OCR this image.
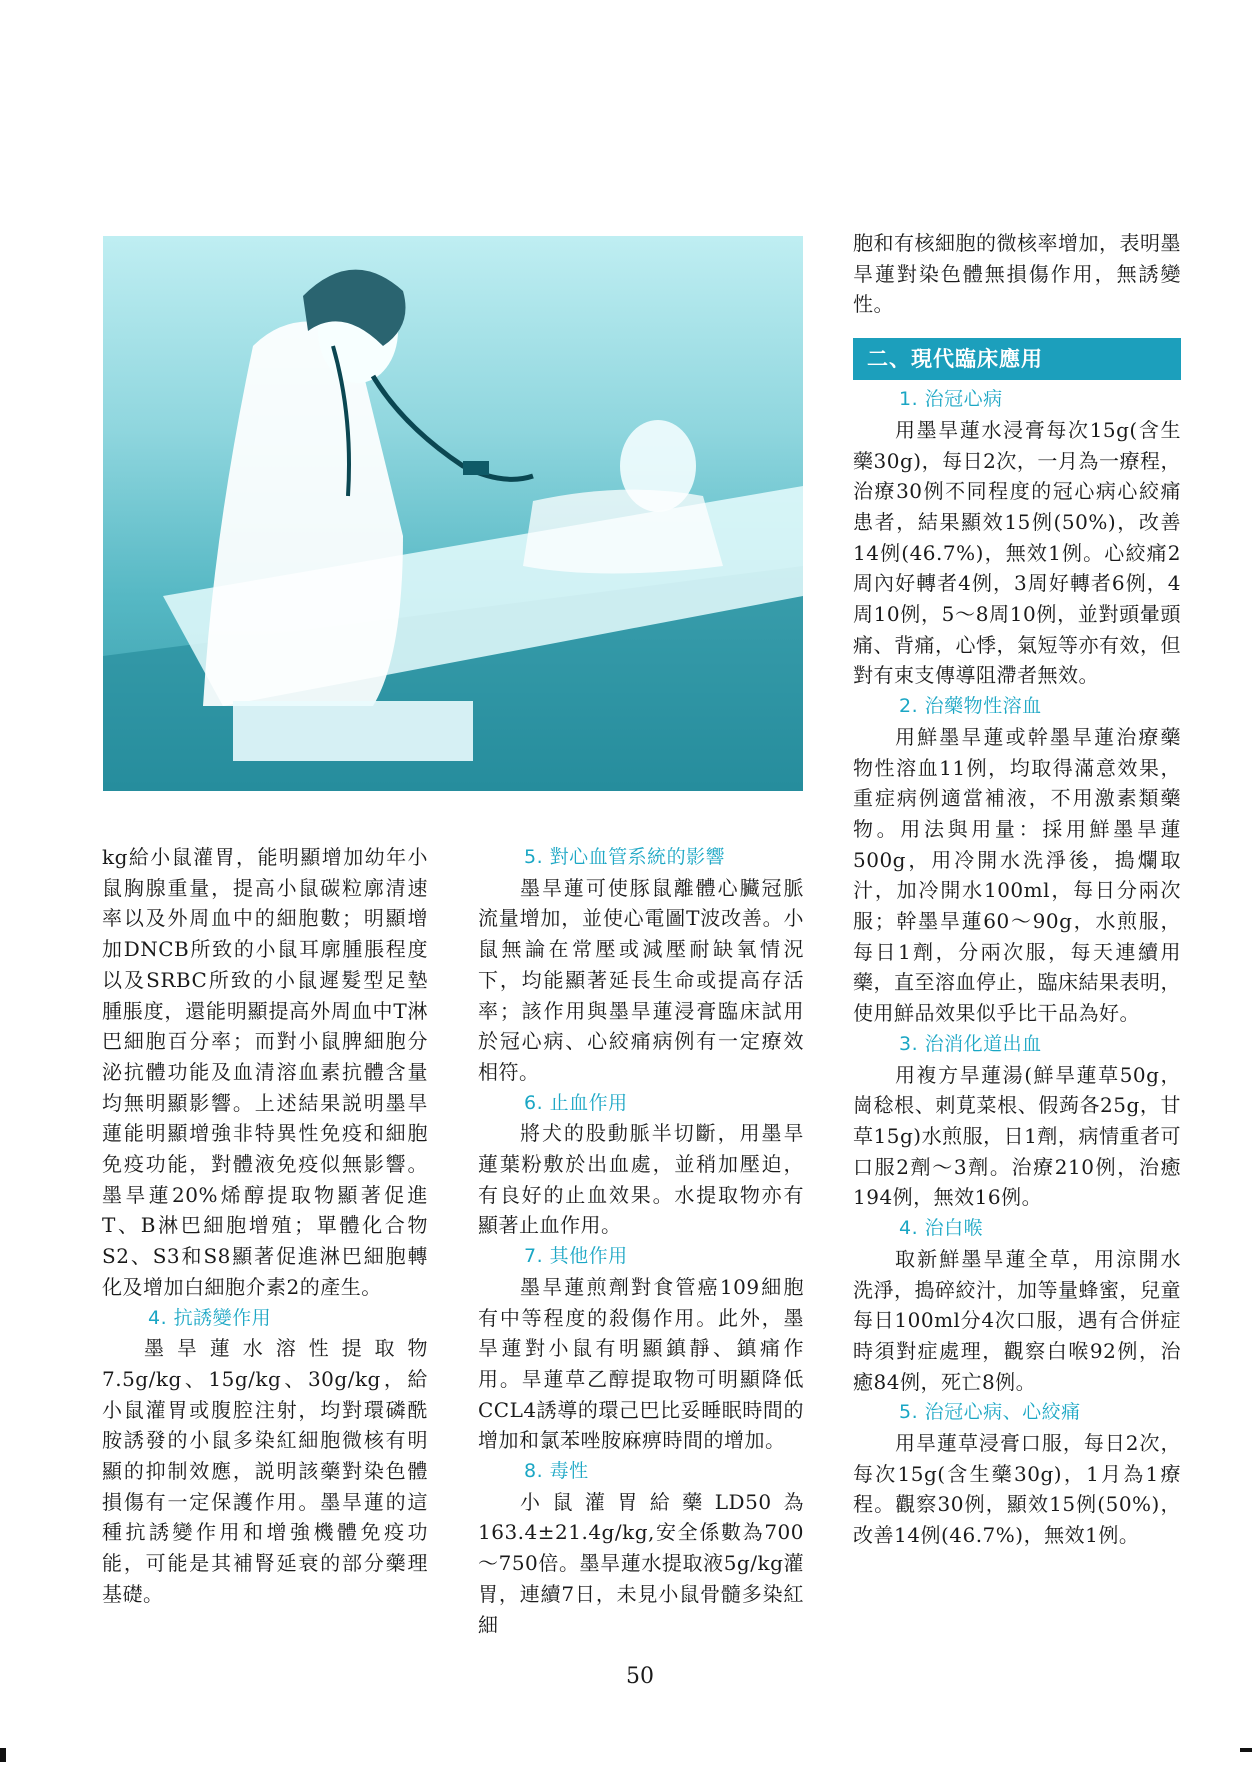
kg給小鼠灌胃，能明顯增加幼年小鼠胸腺重量，提高小鼠碳粒廓清速率以及外周血中的細胞數；明顯增加DNCB所致的小鼠耳廓腫脹程度以及SRBC所致的小鼠遲髮型足墊腫脹度，還能明顯提高外周血中T淋巴細胞百分率；而對小鼠脾細胞分泌抗體功能及血清溶血素抗體含量均無明顯影響。上述結果説明墨旱蓮能明顯增強非特異性免疫和細胞免疫功能，對體液免疫似無影響。墨旱蓮20%烯醇提取物顯著促進T、B淋巴細胞增殖；單體化合物S2、S3和S8顯著促進淋巴細胞轉化及增加白細胞介素2的產生。

4. 抗誘變作用

墨旱蓮水溶性提取物7.5g/kg、15g/kg、30g/kg，給小鼠灌胃或腹腔注射，均對環磷酰胺誘發的小鼠多染紅細胞微核有明顯的抑制效應，説明該藥對染色體損傷有一定保護作用。墨旱蓮的這種抗誘變作用和增強機體免疫功能，可能是其補腎延衰的部分藥理基礎。

5. 對心血管系統的影響

墨旱蓮可使豚鼠離體心臟冠脈流量增加，並使心電圖T波改善。小鼠無論在常壓或減壓耐缺氧情況下，均能顯著延長生命或提高存活率；該作用與墨旱蓮浸膏臨床試用於冠心病、心絞痛病例有一定療效相符。

6. 止血作用

將犬的股動脈半切斷，用墨旱蓮葉粉敷於出血處，並稍加壓迫，有良好的止血效果。水提取物亦有顯著止血作用。

7. 其他作用

墨旱蓮煎劑對食管癌109細胞有中等程度的殺傷作用。此外，墨旱蓮對小鼠有明顯鎮靜、鎮痛作用。旱蓮草乙醇提取物可明顯降低CCL4誘導的環己巴比妥睡眠時間的增加和氯苯唑胺麻痹時間的增加。

8. 毒性

小鼠灌胃給藥LD50為163.4±21.4g/kg,安全係數為700～750倍。墨旱蓮水提取液5g/kg灌胃，連續7日，未見小鼠骨髓多染紅細

胞和有核細胞的微核率增加，表明墨旱蓮對染色體無損傷作用，無誘變性。

二、現代臨床應用
1. 治冠心病

用墨旱蓮水浸膏每次15g(含生藥30g)，每日2次，一月為一療程，治療30例不同程度的冠心病心絞痛患者，結果顯效15例(50%)，改善14例(46.7%)，無效1例。心絞痛2周內好轉者4例，3周好轉者6例，4周10例，5～8周10例，並對頭暈頭痛、背痛，心悸，氣短等亦有效，但對有束支傳導阻滯者無效。

2. 治藥物性溶血

用鮮墨旱蓮或幹墨旱蓮治療藥物性溶血11例，均取得滿意效果，重症病例適當補液，不用激素類藥物。用法與用量：採用鮮墨旱蓮500g，用冷開水洗淨後，搗爛取汁，加冷開水100ml，每日分兩次服；幹墨旱蓮60～90g，水煎服，每日1劑，分兩次服，每天連續用藥，直至溶血停止，臨床結果表明，使用鮮品效果似乎比干品為好。

3. 治消化道出血

用複方旱蓮湯(鮮旱蓮草50g，崗稔根、刺莧菜根、假蒟各25g，甘草15g)水煎服，日1劑，病情重者可口服2劑～3劑。治療210例，治癒194例，無效16例。

4. 治白喉

取新鮮墨旱蓮全草，用涼開水洗淨，搗碎絞汁，加等量蜂蜜，兒童每日100ml分4次口服，遇有合併症時須對症處理，觀察白喉92例，治癒84例，死亡8例。

5. 治冠心病、心絞痛

用旱蓮草浸膏口服，每日2次，每次15g(含生藥30g)，1月為1療程。觀察30例，顯效15例(50%)，改善14例(46.7%)，無效1例。

50
